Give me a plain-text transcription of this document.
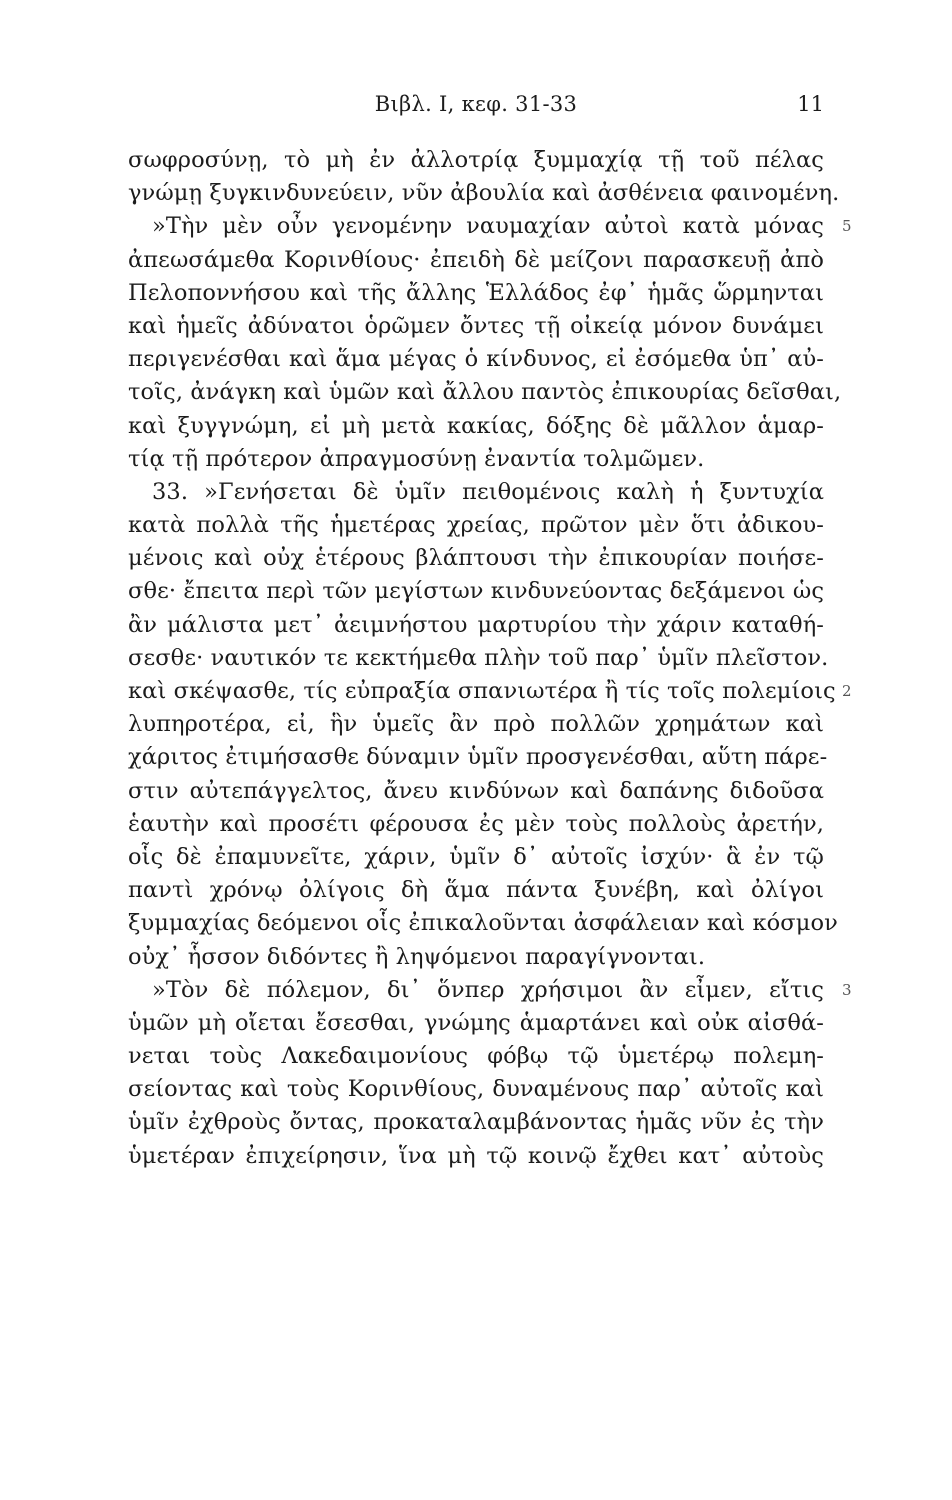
Βιβλ. Ι, κεφ. 31-33	11
σωφροσύνῃ, τὸ μὴ ἐν ἀλλοτρίᾳ ξυμμαχίᾳ τῇ τοῦ πέλας
γνώμῃ ξυγκινδυνεύειν, νῦν ἀβουλία καὶ ἀσθένεια φαινομένη.
»Τὴν μὲν οὖν γενομένην ναυμαχίαν αὐτοὶ κατὰ μόνας 5
ἀπεωσάμεθα Κορινθίους· ἐπειδὴ δὲ μείζονι παρασκευῇ ἀπὸ
Πελοποννήσου καὶ τῆς ἄλλης Ἑλλάδος ἐφ᾽ ἡμᾶς ὥρμηνται
καὶ ἡμεῖς ἀδύνατοι ὁρῶμεν ὄντες τῇ οἰκείᾳ μόνον δυνάμει
περιγενέσθαι καὶ ἅμα μέγας ὁ κίνδυνος, εἰ ἐσόμεθα ὑπ᾽ αὐ-
τοῖς, ἀνάγκη καὶ ὑμῶν καὶ ἄλλου παντὸς ἐπικουρίας δεῖσθαι,
καὶ ξυγγνώμη, εἰ μὴ μετὰ κακίας, δόξης δὲ μᾶλλον ἁμαρ-
τίᾳ τῇ πρότερον ἀπραγμοσύνῃ ἐναντία τολμῶμεν.
33. »Γενήσεται δὲ ὑμῖν πειθομένοις καλὴ ἡ ξυντυχία
κατὰ πολλὰ τῆς ἡμετέρας χρείας, πρῶτον μὲν ὅτι ἀδικου-
μένοις καὶ οὐχ ἑτέρους βλάπτουσι τὴν ἐπικουρίαν ποιήσε-
σθε· ἔπειτα περὶ τῶν μεγίστων κινδυνεύοντας δεξάμενοι ὡς
ἂν μάλιστα μετ᾽ ἀειμνήστου μαρτυρίου τὴν χάριν καταθή-
σεσθε· ναυτικόν τε κεκτήμεθα πλὴν τοῦ παρ᾽ ὑμῖν πλεῖστον.
καὶ σκέψασθε, τίς εὐπραξία σπανιωτέρα ἢ τίς τοῖς πολεμίοις 2
λυπηροτέρα, εἰ, ἣν ὑμεῖς ἂν πρὸ πολλῶν χρημάτων καὶ
χάριτος ἐτιμήσασθε δύναμιν ὑμῖν προσγενέσθαι, αὕτη πάρε-
στιν αὐτεπάγγελτος, ἄνευ κινδύνων καὶ δαπάνης διδοῦσα
ἑαυτὴν καὶ προσέτι φέρουσα ἐς μὲν τοὺς πολλοὺς ἀρετήν,
οἷς δὲ ἐπαμυνεῖτε, χάριν, ὑμῖν δ᾽ αὐτοῖς ἰσχύν· ἃ ἐν τῷ
παντὶ χρόνῳ ὀλίγοις δὴ ἅμα πάντα ξυνέβη, καὶ ὀλίγοι
ξυμμαχίας δεόμενοι οἷς ἐπικαλοῦνται ἀσφάλειαν καὶ κόσμον
οὐχ᾽ ἧσσον διδόντες ἢ ληψόμενοι παραγίγνονται.
»Τὸν δὲ πόλεμον, δι᾽ ὅνπερ χρήσιμοι ἂν εἶμεν, εἴτις 3
ὑμῶν μὴ οἴεται ἔσεσθαι, γνώμης ἁμαρτάνει καὶ οὐκ αἰσθά-
νεται τοὺς Λακεδαιμονίους φόβῳ τῷ ὑμετέρῳ πολεμη-
σείοντας καὶ τοὺς Κορινθίους, δυναμένους παρ᾽ αὐτοῖς καὶ
ὑμῖν ἐχθροὺς ὄντας, προκαταλαμβάνοντας ἡμᾶς νῦν ἐς τὴν
ὑμετέραν ἐπιχείρησιν, ἵνα μὴ τῷ κοινῷ ἔχθει κατ᾽ αὐτοὺς
